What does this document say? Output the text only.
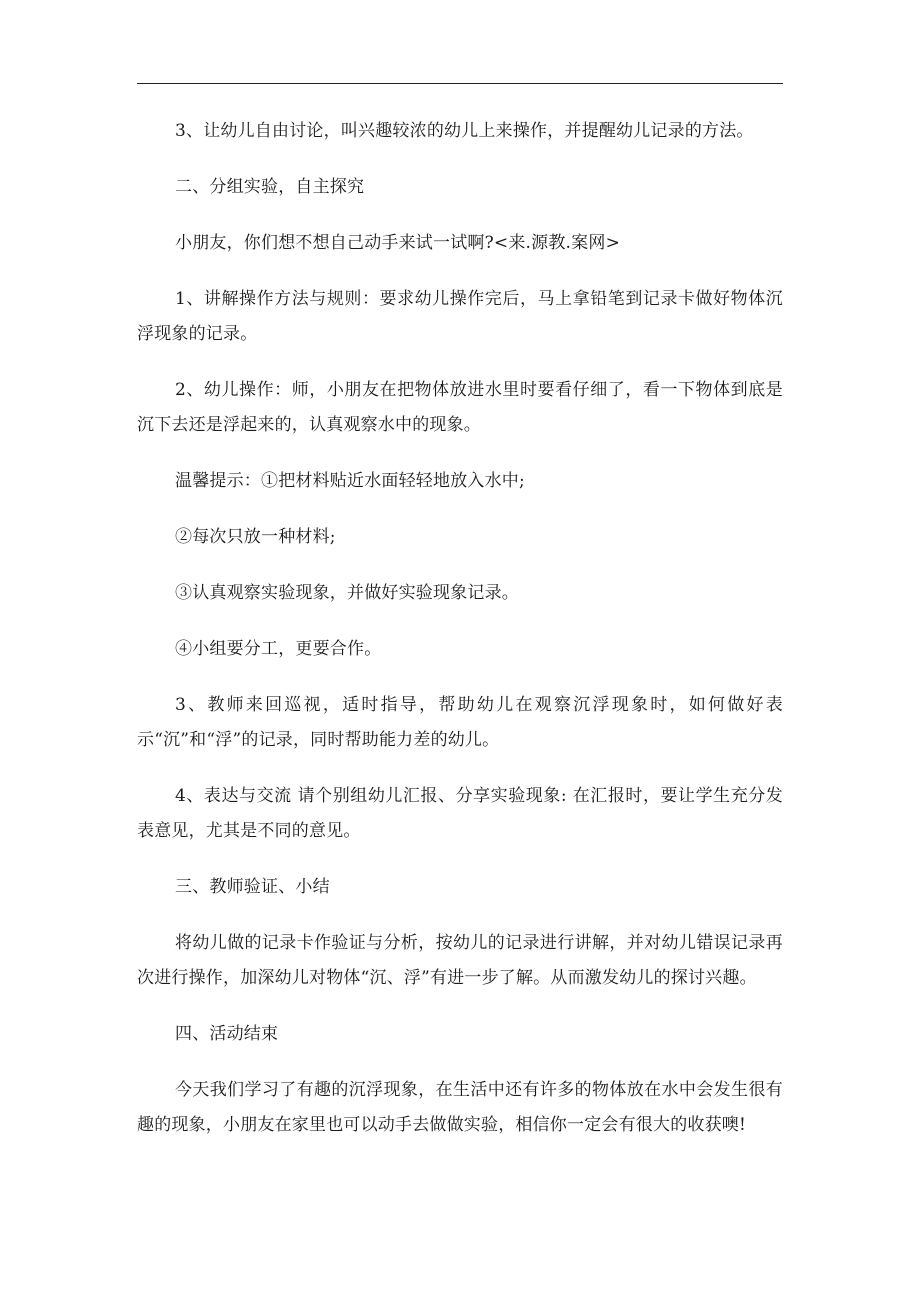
3、让幼儿自由讨论，叫兴趣较浓的幼儿上来操作，并提醒幼儿记录的方法。

二、分组实验，自主探究

小朋友，你们想不想自己动手来试一试啊?<来.源教.案网>

1、讲解操作方法与规则：要求幼儿操作完后，马上拿铅笔到记录卡做好物体沉浮现象的记录。

2、幼儿操作：师，小朋友在把物体放进水里时要看仔细了，看一下物体到底是沉下去还是浮起来的，认真观察水中的现象。

温馨提示：①把材料贴近水面轻轻地放入水中;

②每次只放一种材料;

③认真观察实验现象，并做好实验现象记录。

④小组要分工，更要合作。

3、教师来回巡视，适时指导，帮助幼儿在观察沉浮现象时，如何做好表示“沉”和“浮”的记录，同时帮助能力差的幼儿。

4、表达与交流 请个别组幼儿汇报、分享实验现象: 在汇报时，要让学生充分发表意见，尤其是不同的意见。

三、教师验证、小结

将幼儿做的记录卡作验证与分析，按幼儿的记录进行讲解，并对幼儿错误记录再次进行操作，加深幼儿对物体“沉、浮”有进一步了解。从而激发幼儿的探讨兴趣。

四、活动结束

今天我们学习了有趣的沉浮现象，在生活中还有许多的物体放在水中会发生很有趣的现象，小朋友在家里也可以动手去做做实验，相信你一定会有很大的收获噢!
